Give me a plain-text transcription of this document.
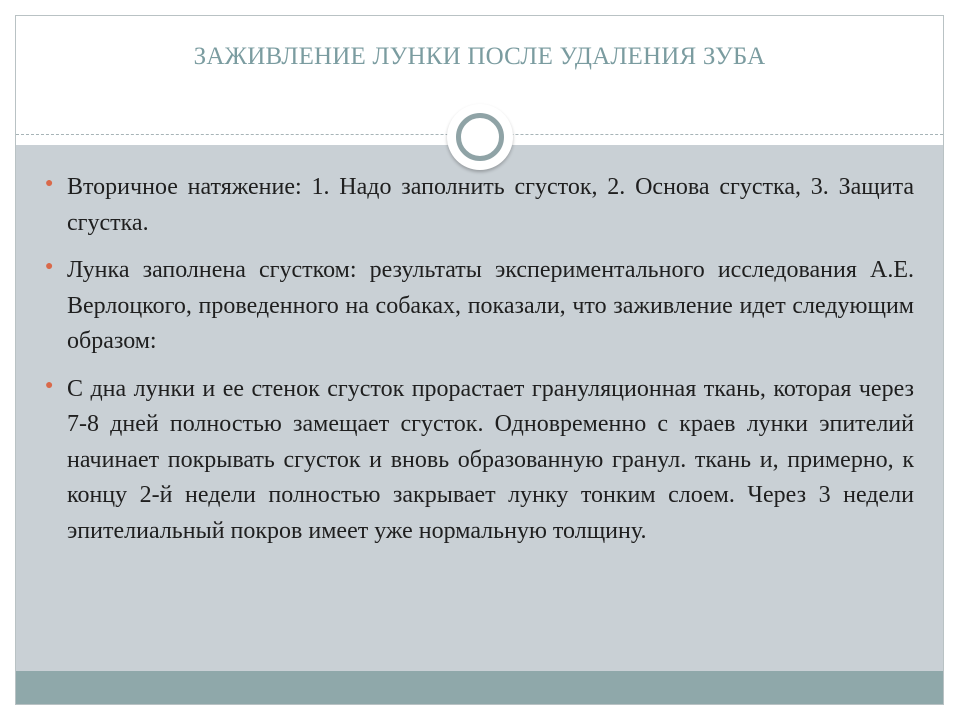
ЗАЖИВЛЕНИЕ ЛУНКИ ПОСЛЕ УДАЛЕНИЯ ЗУБА
● Вторичное натяжение: 1. Надо заполнить сгусток, 2. Основа сгустка, 3. Защита сгустка.
● Лунка заполнена сгустком: результаты экспериментального исследования А.Е. Верлоцкого, проведенного на собаках, показали, что заживление идет следующим образом:
● С дна лунки и ее стенок сгусток прорастает грануляционная ткань, которая через 7-8 дней полностью замещает сгусток. Одновременно с краев лунки эпителий начинает покрывать сгусток и вновь образованную гранул. ткань и, примерно, к концу 2-й недели полностью закрывает лунку тонким слоем. Через 3 недели эпителиальный покров имеет уже нормальную толщину.
